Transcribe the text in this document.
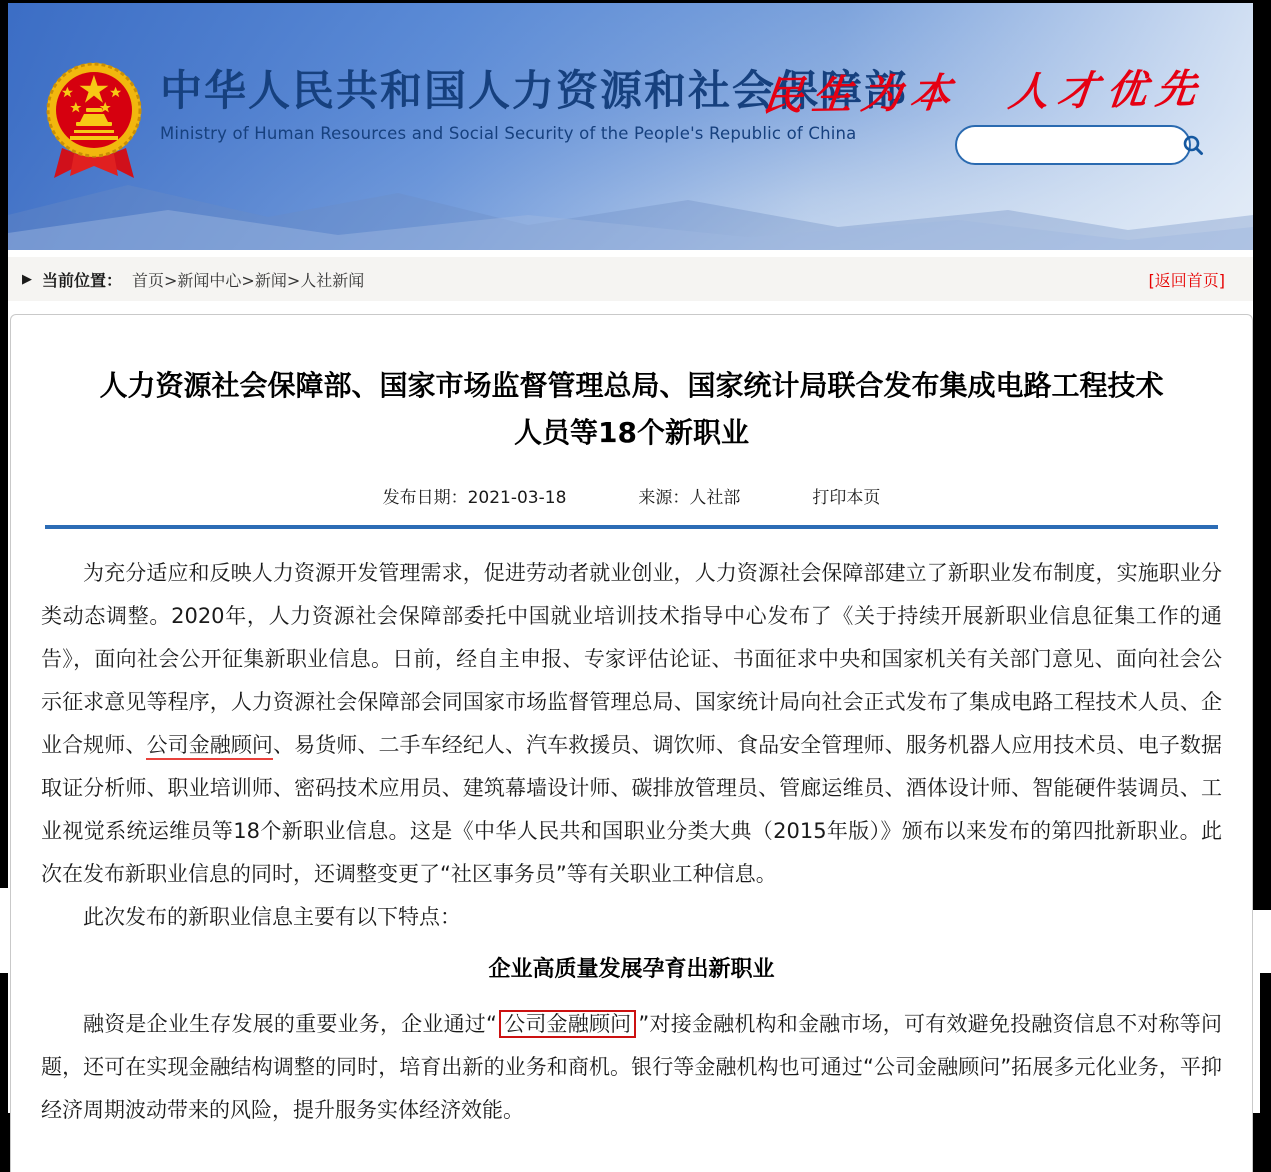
中华人民共和国人力资源和社会保障部
Ministry of Human Resources and Social Security of the People's Republic of China
民生为本　人才优先
▶ 当前位置： 首页>新闻中心>新闻>人社新闻	[返回首页]
人力资源社会保障部、国家市场监督管理总局、国家统计局联合发布集成电路工程技术人员等18个新职业
发布日期：2021-03-18	来源：人社部	打印本页

为充分适应和反映人力资源开发管理需求，促进劳动者就业创业，人力资源社会保障部建立了新职业发布制度，实施职业分类动态调整。2020年，人力资源社会保障部委托中国就业培训技术指导中心发布了《关于持续开展新职业信息征集工作的通告》，面向社会公开征集新职业信息。日前，经自主申报、专家评估论证、书面征求中央和国家机关有关部门意见、面向社会公示征求意见等程序，人力资源社会保障部会同国家市场监督管理总局、国家统计局向社会正式发布了集成电路工程技术人员、企业合规师、公司金融顾问、易货师、二手车经纪人、汽车救援员、调饮师、食品安全管理师、服务机器人应用技术员、电子数据取证分析师、职业培训师、密码技术应用员、建筑幕墙设计师、碳排放管理员、管廊运维员、酒体设计师、智能硬件装调员、工业视觉系统运维员等18个新职业信息。这是《中华人民共和国职业分类大典（2015年版）》颁布以来发布的第四批新职业。此次在发布新职业信息的同时，还调整变更了“社区事务员”等有关职业工种信息。

此次发布的新职业信息主要有以下特点：

企业高质量发展孕育出新职业

融资是企业生存发展的重要业务，企业通过“ 公司金融顾问 ”对接金融机构和金融市场，可有效避免投融资信息不对称等问题，还可在实现金融结构调整的同时，培育出新的业务和商机。银行等金融机构也可通过“公司金融顾问”拓展多元化业务，平抑经济周期波动带来的风险，提升服务实体经济效能。
